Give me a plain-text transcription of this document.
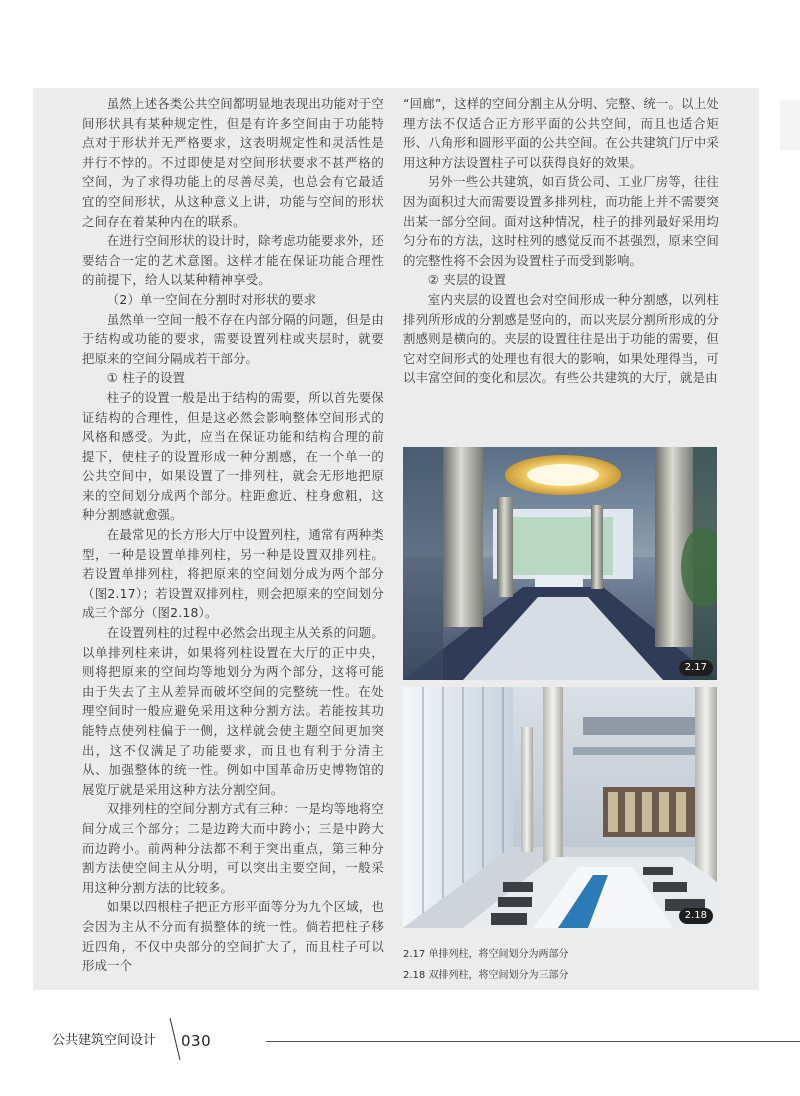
虽然上述各类公共空间都明显地表现出功能对于空间形状具有某种规定性，但是有许多空间由于功能特点对于形状并无严格要求，这表明规定性和灵活性是并行不悖的。不过即使是对空间形状要求不甚严格的空间，为了求得功能上的尽善尽美，也总会有它最适宜的空间形状，从这种意义上讲，功能与空间的形状之间存在着某种内在的联系。

在进行空间形状的设计时，除考虑功能要求外，还要结合一定的艺术意图。这样才能在保证功能合理性的前提下，给人以某种精神享受。

（2）单一空间在分割时对形状的要求

虽然单一空间一般不存在内部分隔的问题，但是由于结构或功能的要求，需要设置列柱或夹层时，就要把原来的空间分隔成若干部分。

① 柱子的设置

柱子的设置一般是出于结构的需要，所以首先要保证结构的合理性，但是这必然会影响整体空间形式的风格和感受。为此，应当在保证功能和结构合理的前提下，使柱子的设置形成一种分割感，在一个单一的公共空间中，如果设置了一排列柱，就会无形地把原来的空间划分成两个部分。柱距愈近、柱身愈粗，这种分割感就愈强。

在最常见的长方形大厅中设置列柱，通常有两种类型，一种是设置单排列柱，另一种是设置双排列柱。若设置单排列柱，将把原来的空间划分成为两个部分（图2.17）；若设置双排列柱，则会把原来的空间划分成三个部分（图2.18）。

在设置列柱的过程中必然会出现主从关系的问题。以单排列柱来讲，如果将列柱设置在大厅的正中央，则将把原来的空间均等地划分为两个部分，这将可能由于失去了主从差异而破坏空间的完整统一性。在处理空间时一般应避免采用这种分割方法。若能按其功能特点使列柱偏于一侧，这样就会使主题空间更加突出，这不仅满足了功能要求，而且也有利于分清主从、加强整体的统一性。例如中国革命历史博物馆的展览厅就是采用这种方法分割空间。

双排列柱的空间分割方式有三种：一是均等地将空间分成三个部分；二是边跨大而中跨小；三是中跨大而边跨小。前两种分法都不利于突出重点，第三种分割方法使空间主从分明，可以突出主要空间，一般采用这种分割方法的比较多。

如果以四根柱子把正方形平面等分为九个区域，也会因为主从不分而有损整体的统一性。倘若把柱子移近四角，不仅中央部分的空间扩大了，而且柱子可以形成一个

“回廊”，这样的空间分割主从分明、完整、统一。以上处理方法不仅适合正方形平面的公共空间，而且也适合矩形、八角形和圆形平面的公共空间。在公共建筑门厅中采用这种方法设置柱子可以获得良好的效果。

另外一些公共建筑，如百货公司、工业厂房等，往往因为面积过大而需要设置多排列柱，而功能上并不需要突出某一部分空间。面对这种情况，柱子的排列最好采用均匀分布的方法，这时柱列的感觉反而不甚强烈，原来空间的完整性将不会因为设置柱子而受到影响。

② 夹层的设置

室内夹层的设置也会对空间形成一种分割感，以列柱排列所形成的分割感是竖向的，而以夹层分割所形成的分割感则是横向的。夹层的设置往往是出于功能的需要，但它对空间形式的处理也有很大的影响，如果处理得当，可以丰富空间的变化和层次。有些公共建筑的大厅，就是由

2.17
2.18
2.17 单排列柱，将空间划分为两部分
2.18 双排列柱，将空间划分为三部分
公共建筑空间设计 030
